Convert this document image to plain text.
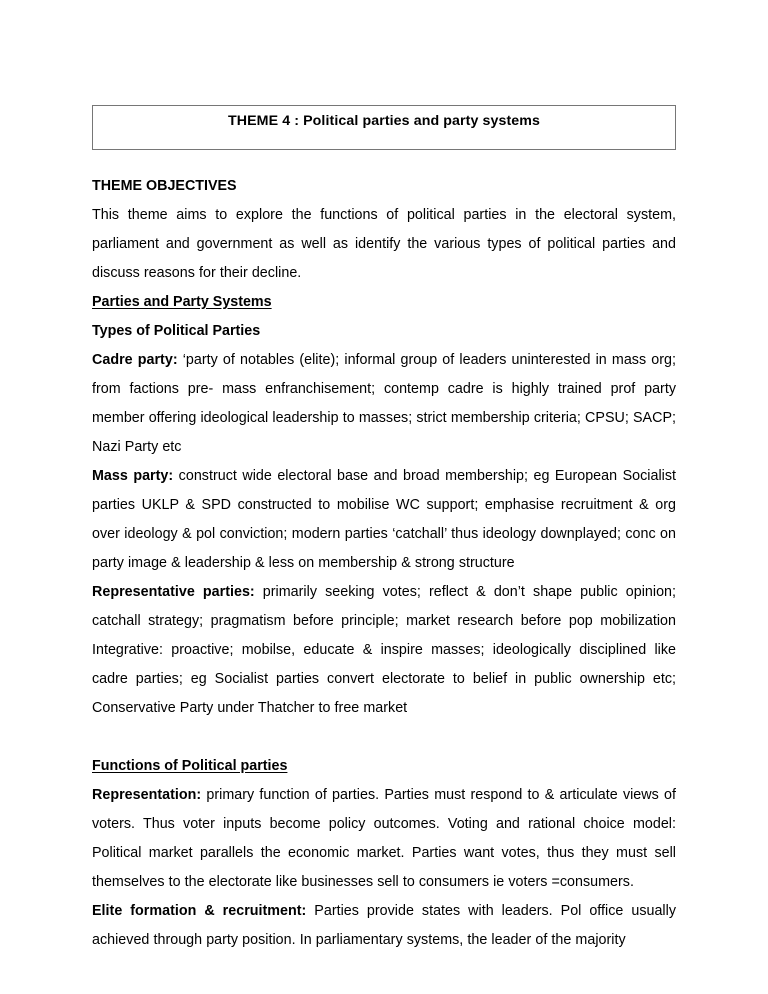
THEME 4 : Political parties and party systems
THEME OBJECTIVES

This theme aims to explore the functions of political parties in the electoral system, parliament and government as well as identify the various types of political parties and discuss reasons for their decline.

Parties and Party Systems
Types of Political Parties

Cadre party: ‘party of notables (elite); informal group of leaders uninterested in mass org; from factions pre- mass enfranchisement; contemp cadre is highly trained prof party member offering ideological leadership to masses; strict membership criteria; CPSU; SACP; Nazi Party etc

Mass party: construct wide electoral base and broad membership; eg European Socialist parties UKLP & SPD constructed to mobilise WC support; emphasise recruitment & org over ideology & pol conviction; modern parties ‘catchall’ thus ideology downplayed; conc on party image & leadership & less on membership & strong structure

Representative parties: primarily seeking votes; reflect & don’t shape public opinion; catchall strategy; pragmatism before principle; market research before pop mobilization Integrative: proactive; mobilse, educate & inspire masses; ideologically disciplined like cadre parties; eg Socialist parties convert electorate to belief in public ownership etc; Conservative Party under Thatcher to free market

Functions of Political parties

Representation: primary function of parties. Parties must respond to & articulate views of voters. Thus voter inputs become policy outcomes. Voting and rational choice model: Political market parallels the economic market. Parties want votes, thus they must sell themselves to the electorate like businesses sell to consumers ie voters =consumers.

Elite formation & recruitment: Parties provide states with leaders. Pol office usually achieved through party position. In parliamentary systems, the leader of the majority
